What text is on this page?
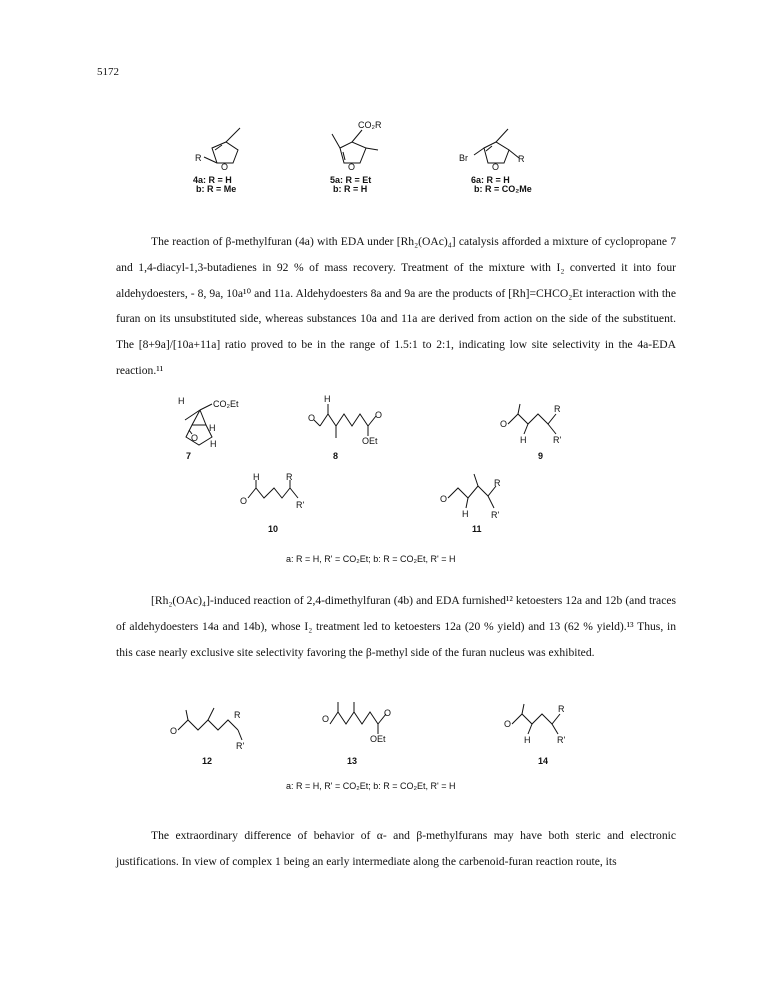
5172
R
O
4a: R = H
b: R = Me
CO₂R
O
5a: R = Et
b: R = H
Br	R
O
6a: R = H
b: R = CO₂Me

The reaction of β-methylfuran (4a) with EDA under [Rh₂(OAc)₄] catalysis afforded a mixture of cyclopropane 7 and 1,4-diacyl-1,3-butadienes in 92 % of mass recovery. Treatment of the mixture with I₂ converted it into four aldehydoesters, - 8, 9a, 10a¹⁰ and 11a. Aldehydoesters 8a and 9a are the products of [Rh]=CHCO₂Et interaction with the furan on its unsubstituted side, whereas substances 10a and 11a are derived from action on the side of the substituent. The [8+9a]/[10a+11a] ratio proved to be in the range of 1.5:1 to 2:1, indicating low site selectivity in the 4a-EDA reaction.¹¹

H	CO₂Et
H
H
O
7
H
O	O
OEt
8
O
R
H	R'
9
H	R
O	R'
10
O
R
H	R'
11
a: R = H, R' = CO₂Et; b: R = CO₂Et, R' = H

[Rh₂(OAc)₄]-induced reaction of 2,4-dimethylfuran (4b) and EDA furnished¹² ketoesters 12a and 12b (and traces of aldehydoesters 14a and 14b), whose I₂ treatment led to ketoesters 12a (20 % yield) and 13 (62 % yield).¹³ Thus, in this case nearly exclusive site selectivity favoring the β-methyl side of the furan nucleus was exhibited.

O
R
R'
12
O
O
OEt
13
O
R
H	R'
14
a: R = H, R' = CO₂Et; b: R = CO₂Et, R' = H

The extraordinary difference of behavior of α- and β-methylfurans may have both steric and electronic justifications. In view of complex 1 being an early intermediate along the carbenoid-furan reaction route, its
